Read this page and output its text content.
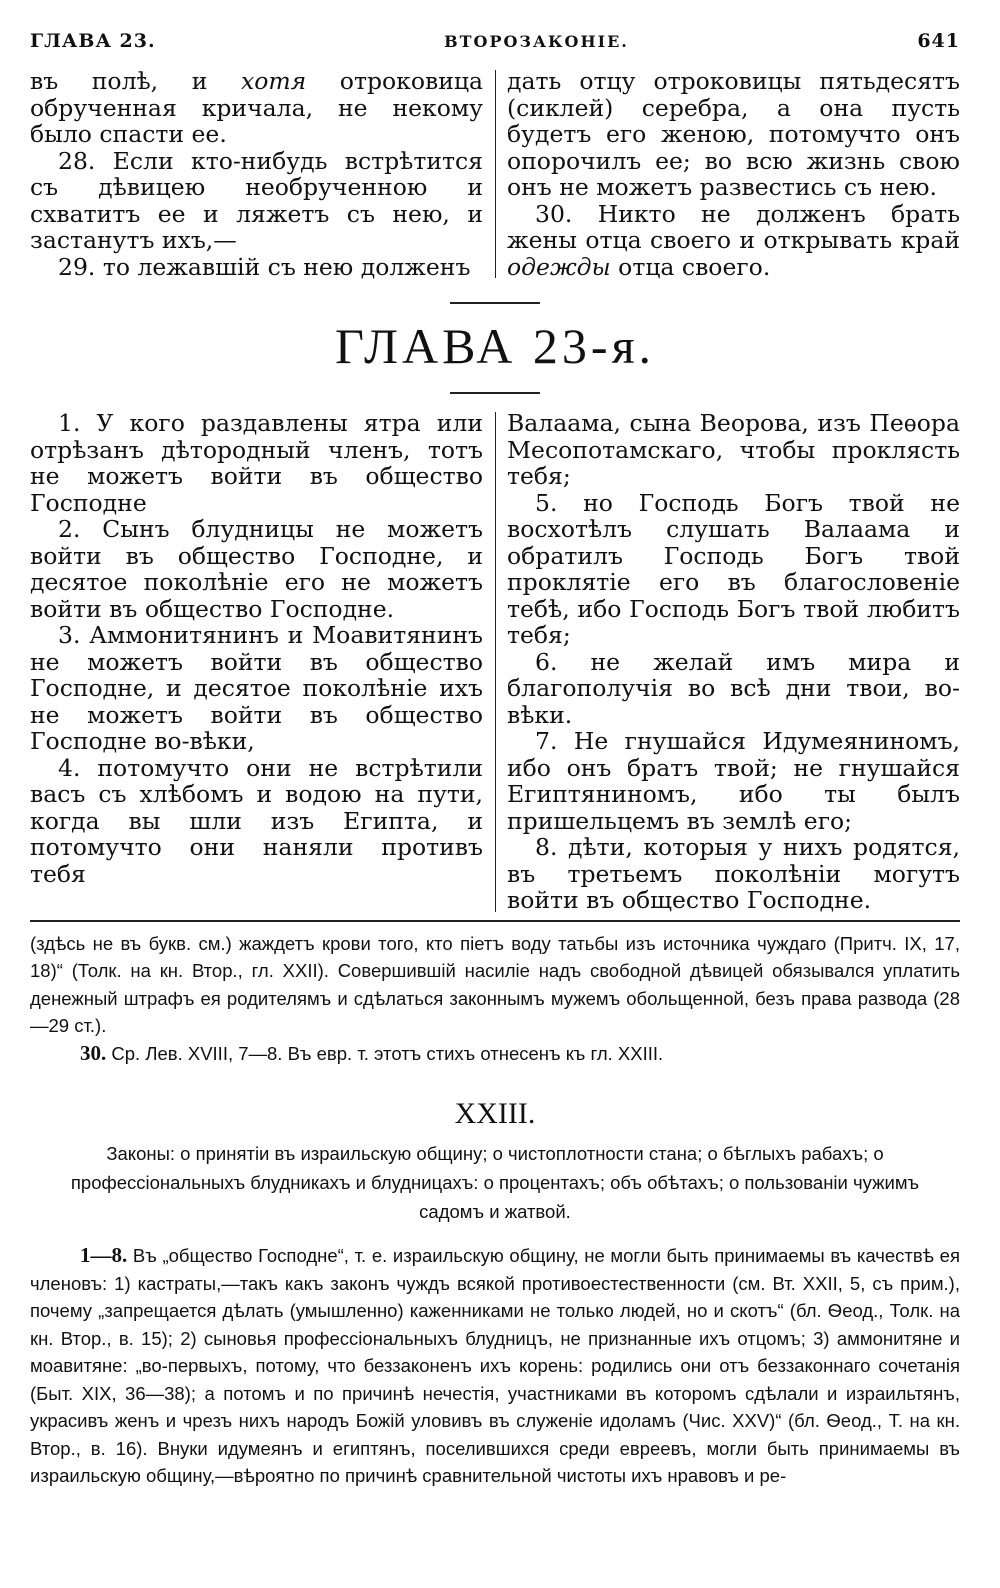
ГЛАВА 23.	ВТОРОЗАКОНІЕ.	641

въ полѣ, и хотя отроковица обрученная кричала, не некому было спасти ее.

28. Если кто-нибудь встрѣтится съ дѣвицею необрученною и схватитъ ее и ляжетъ съ нею, и застанутъ ихъ,—

29. то лежавшій съ нею долженъ

дать отцу отроковицы пятьдесятъ (сиклей) серебра, а она пусть будетъ его женою, потомучто онъ опорочилъ ее; во всю жизнь свою онъ не можетъ развестись съ нею.

30. Никто не долженъ брать жены отца своего и открывать край одежды отца своего.

ГЛАВА 23-я.

1. У кого раздавлены ятра или отрѣзанъ дѣтородный членъ, тотъ не можетъ войти въ общество Господне

2. Сынъ блудницы не можетъ войти въ общество Господне, и десятое поколѣніе его не можетъ войти въ общество Господне.

3. Аммонитянинъ и Моавитянинъ не можетъ войти въ общество Господне, и десятое поколѣніе ихъ не можетъ войти въ общество Господне во-вѣки,

4. потомучто они не встрѣтили васъ съ хлѣбомъ и водою на пути, когда вы шли изъ Египта, и потомучто они наняли противъ тебя

Валаама, сына Веорова, изъ Пеѳора Месопотамскаго, чтобы проклясть тебя;

5. но Господь Богъ твой не восхотѣлъ слушать Валаама и обратилъ Господь Богъ твой проклятіе его въ благословеніе тебѣ, ибо Господь Богъ твой любитъ тебя;

6. не желай имъ мира и благополучія во всѣ дни твои, во-вѣки.

7. Не гнушайся Идумеяниномъ, ибо онъ братъ твой; не гнушайся Египтяниномъ, ибо ты былъ пришельцемъ въ землѣ его;

8. дѣти, которыя у нихъ родятся, въ третьемъ поколѣніи могутъ войти въ общество Господне.

(здѣсь не въ букв. см.) жаждетъ крови того, кто піетъ воду татьбы изъ источника чуждаго (Притч. IX, 17, 18)“ (Толк. на кн. Втор., гл. XXII). Совершившій насиліе надъ свободной дѣвицей обязывался уплатить денежный штрафъ ея родителямъ и сдѣлаться законнымъ мужемъ обольщенной, безъ права развода (28—29 ст.).

30. Ср. Лев. XVIII, 7—8. Въ евр. т. этотъ стихъ отнесенъ къ гл. XXIII.

XXIII.
Законы: о принятіи въ израильскую общину; о чистоплотности стана; о бѣглыхъ рабахъ; о профессіональныхъ блудникахъ и блудницахъ: о процентахъ; объ обѣтахъ; о пользованіи чужимъ садомъ и жатвой.

1—8. Въ „общество Господне“, т. е. израильскую общину, не могли быть принимаемы въ качествѣ ея членовъ: 1) кастраты,—такъ какъ законъ чуждъ всякой противоестественности (см. Вт. XXII, 5, съ прим.), почему „запрещается дѣлать (умышленно) каженниками не только людей, но и скотъ“ (бл. Ѳеод., Толк. на кн. Втор., в. 15); 2) сыновья профессіональныхъ блудницъ, не признанные ихъ отцомъ; 3) аммонитяне и моавитяне: „во-первыхъ, потому, что беззаконенъ ихъ корень: родились они отъ беззаконнаго сочетанія (Быт. XIX, 36—38); а потомъ и по причинѣ нечестія, участниками въ которомъ сдѣлали и израильтянъ, украсивъ женъ и чрезъ нихъ народъ Божій уловивъ въ служеніе идоламъ (Чис. XXV)“ (бл. Ѳеод., Т. на кн. Втор., в. 16). Внуки идумеянъ и египтянъ, поселившихся среди евреевъ, могли быть принимаемы въ израильскую общину,—вѣроятно по причинѣ сравнительной чистоты ихъ нравовъ и ре-
